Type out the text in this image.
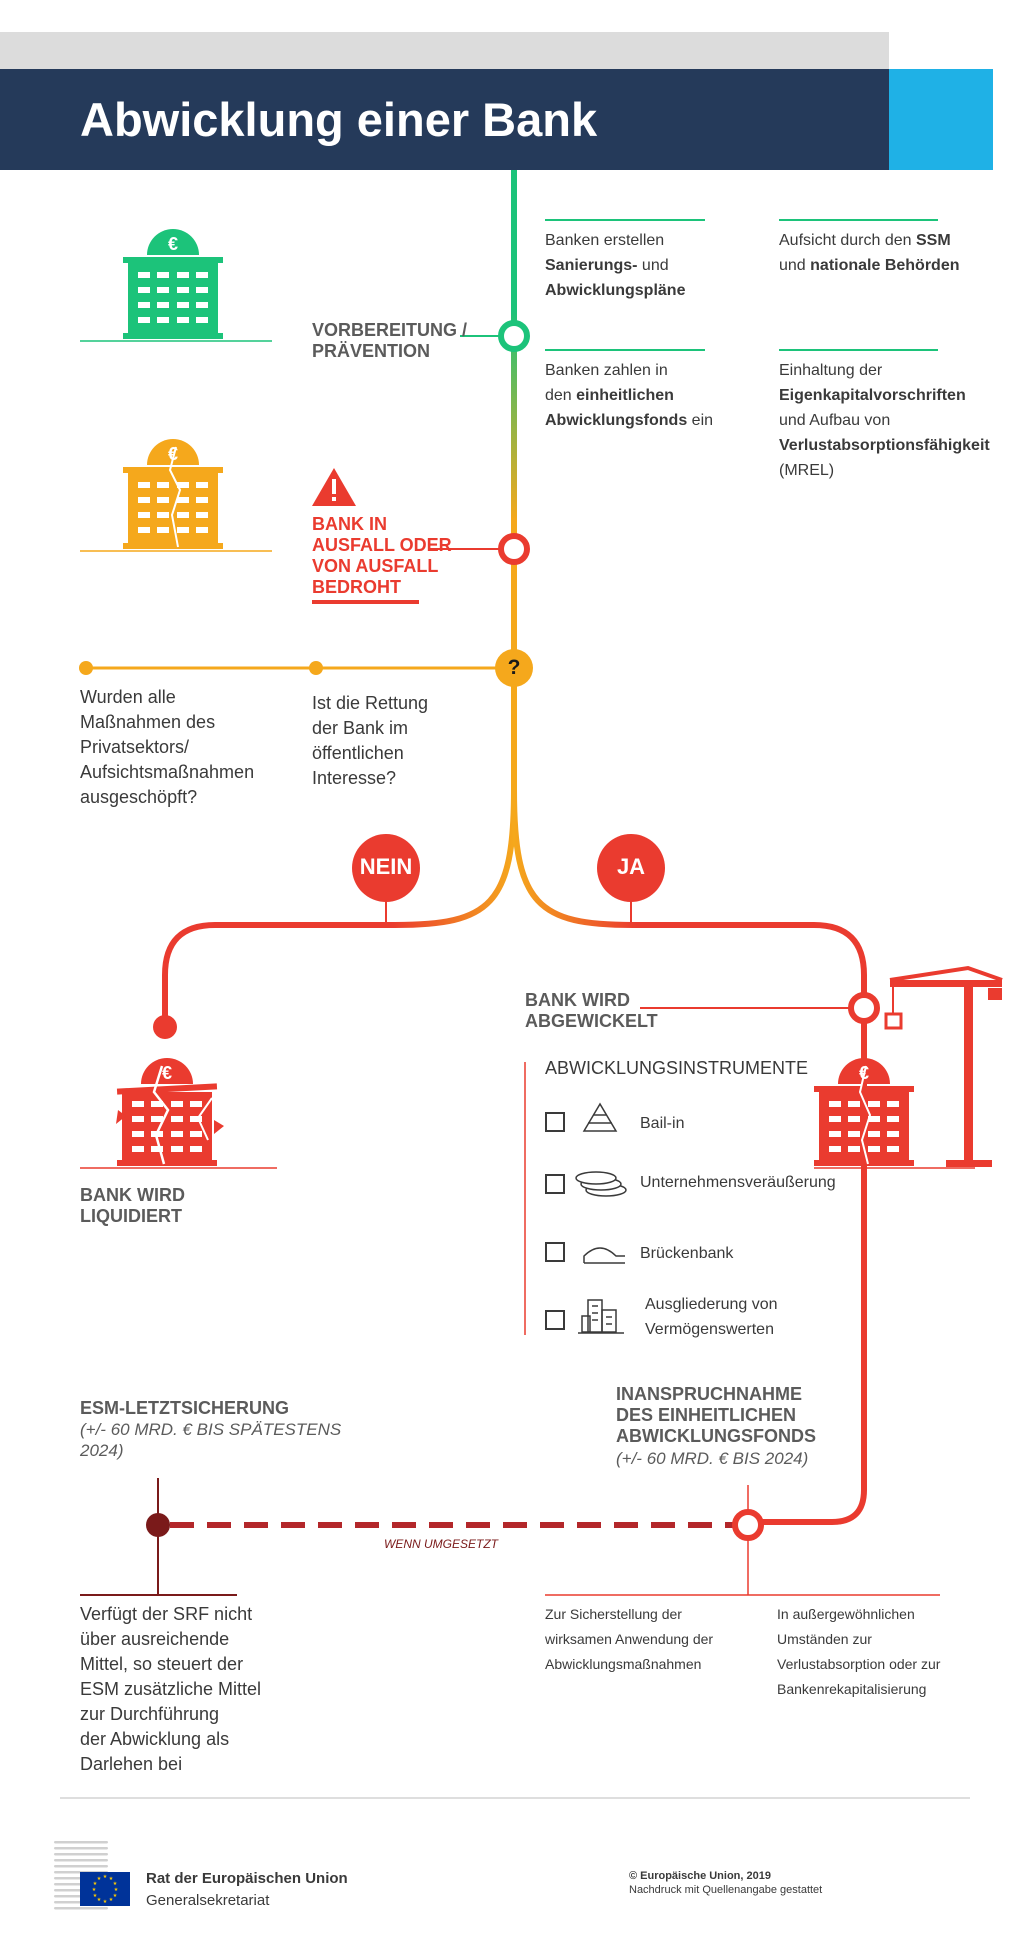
Abwicklung einer Bank
€
€
€	€
★ ★
★
★
★
★
★
★
★
★
★
★
VORBEREITUNG /
PRÄVENTION
Banken erstellen
Sanierungs- und
Abwicklungspläne
Aufsicht durch den SSM
und nationale Behörden
Banken zahlen in
den einheitlichen
Abwicklungsfonds ein
Einhaltung der
Eigenkapitalvorschriften
und Aufbau von
Verlustabsorptionsfähigkeit
(MREL)
BANK IN
AUSFALL ODER
VON AUSFALL
BEDROHT
?
Wurden alle
Maßnahmen des
Privatsektors/
Aufsichtsmaßnahmen
ausgeschöpft?
Ist die Rettung
der Bank im
öffentlichen
Interesse?
NEIN	JA
BANK WIRD
LIQUIDIERT
BANK WIRD
ABGEWICKELT
ABWICKLUNGSINSTRUMENTE
Bail-in
Unternehmensveräußerung
Brückenbank
Ausgliederung von
Vermögenswerten
ESM-LETZTSICHERUNG
(+/- 60 MRD. € BIS SPÄTESTENS
2024)
WENN UMGESETZT
Verfügt der SRF nicht
über ausreichende
Mittel, so steuert der
ESM zusätzliche Mittel
zur Durchführung
der Abwicklung als
Darlehen bei
INANSPRUCHNAHME
DES EINHEITLICHEN
ABWICKLUNGSFONDS
(+/- 60 MRD. € BIS 2024)
Zur Sicherstellung der
wirksamen Anwendung der
Abwicklungsmaßnahmen
In außergewöhnlichen
Umständen zur
Verlustabsorption oder zur
Bankenrekapitalisierung
Rat der Europäischen Union
Generalsekretariat
© Europäische Union, 2019
Nachdruck mit Quellenangabe gestattet
